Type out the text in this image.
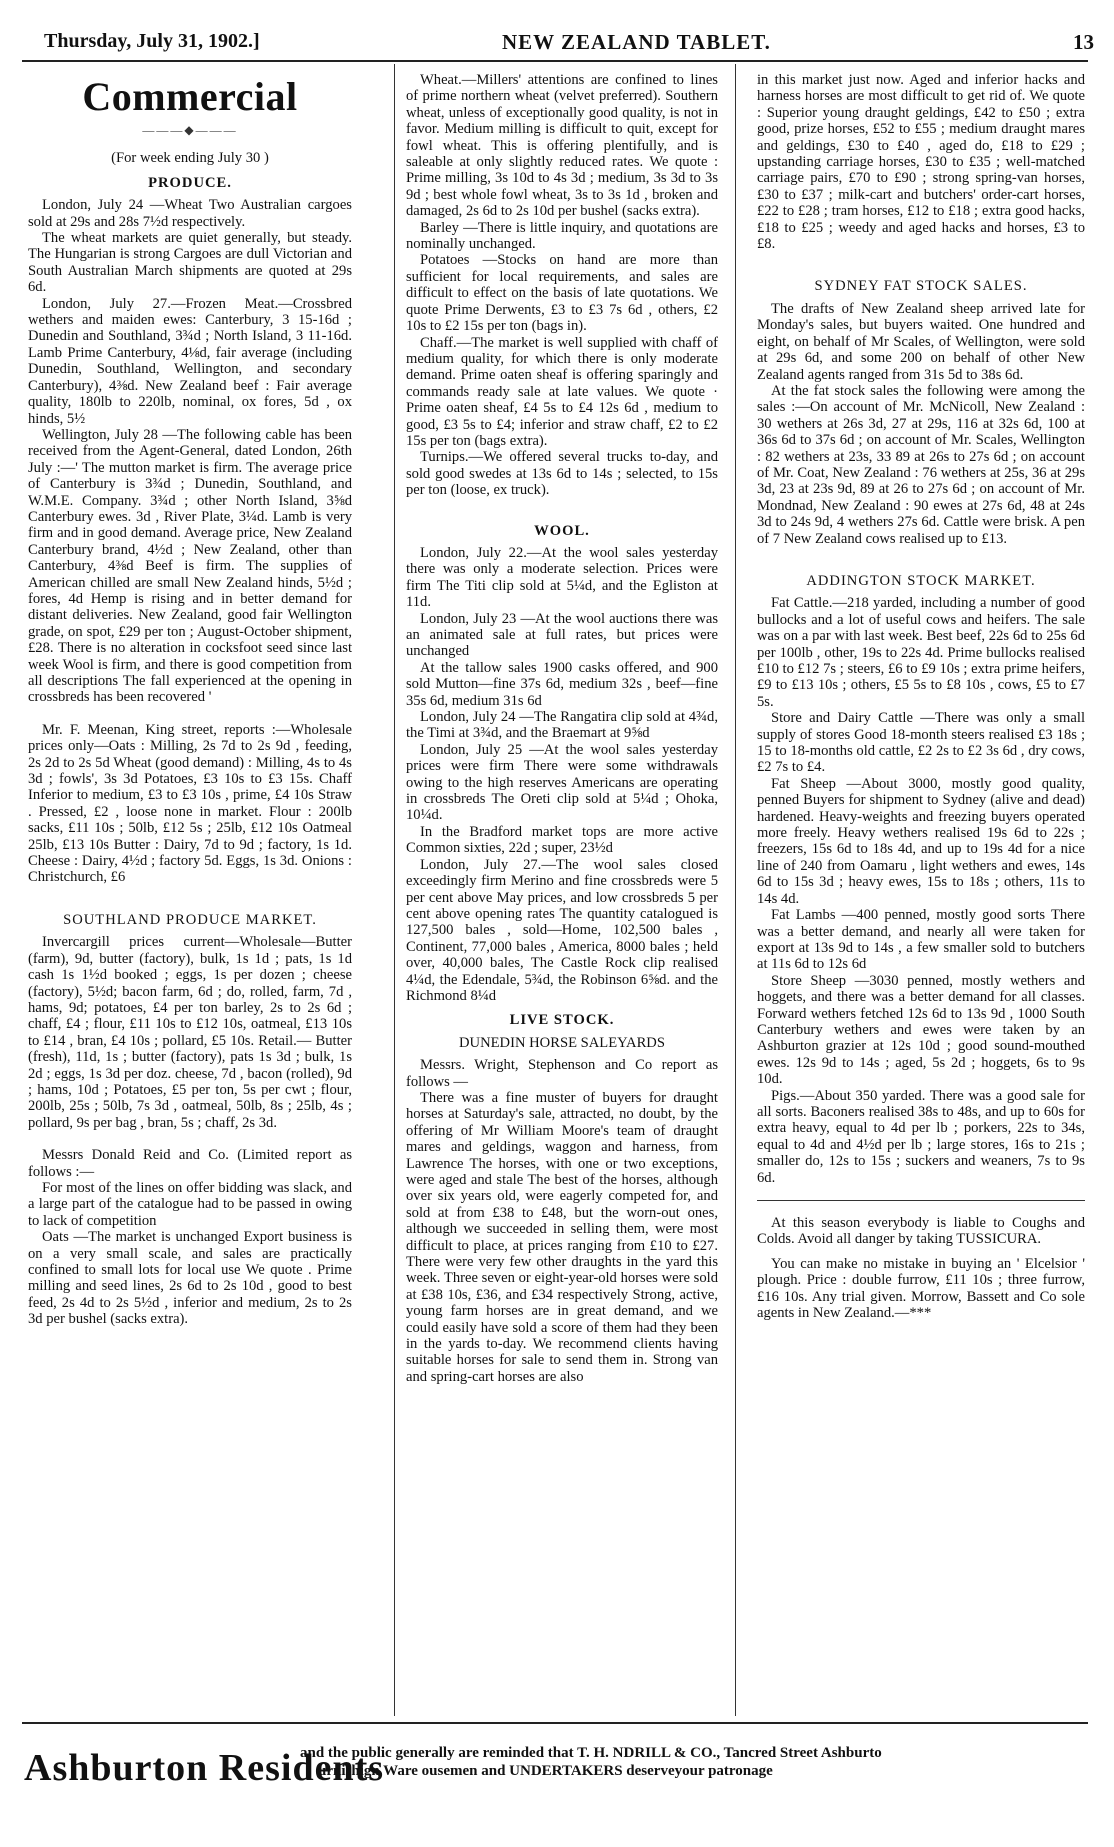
Thursday, July 31, 1902.]	NEW ZEALAND TABLET.	13
Commercial
———◆———
(For week ending July 30 )
PRODUCE.

London, July 24 —Wheat Two Australian cargoes sold at 29s and 28s 7½d respectively.

The wheat markets are quiet generally, but steady. The Hungarian is strong Cargoes are dull Victorian and South Australian March shipments are quoted at 29s 6d.

London, July 27.—Frozen Meat.—Crossbred wethers and maiden ewes: Canterbury, 3 15-16d ; Dunedin and Southland, 3¾d ; North Island, 3 11-16d. Lamb Prime Canterbury, 4⅛d, fair average (including Dunedin, Southland, Wellington, and secondary Canterbury), 4⅜d. New Zealand beef : Fair average quality, 180lb to 220lb, nominal, ox fores, 5d , ox hinds, 5½

Wellington, July 28 —The following cable has been received from the Agent-General, dated London, 26th July :—' The mutton market is firm. The average price of Canterbury is 3¾d ; Dunedin, Southland, and W.M.E. Company. 3¾d ; other North Island, 3⅝d Canterbury ewes. 3d , River Plate, 3¼d. Lamb is very firm and in good demand. Average price, New Zealand Canterbury brand, 4½d ; New Zealand, other than Canterbury, 4⅜d Beef is firm. The supplies of American chilled are small New Zealand hinds, 5½d ; fores, 4d Hemp is rising and in better demand for distant deliveries. New Zealand, good fair Wellington grade, on spot, £29 per ton ; August-October shipment, £28. There is no alteration in cocksfoot seed since last week Wool is firm, and there is good competition from all descriptions The fall experienced at the opening in crossbreds has been recovered '

Mr. F. Meenan, King street, reports :—Wholesale prices only—Oats : Milling, 2s 7d to 2s 9d , feeding, 2s 2d to 2s 5d Wheat (good demand) : Milling, 4s to 4s 3d ; fowls', 3s 3d Potatoes, £3 10s to £3 15s. Chaff Inferior to medium, £3 to £3 10s , prime, £4 10s Straw . Pressed, £2 , loose none in market. Flour : 200lb sacks, £11 10s ; 50lb, £12 5s ; 25lb, £12 10s Oatmeal 25lb, £13 10s Butter : Dairy, 7d to 9d ; factory, 1s 1d. Cheese : Dairy, 4½d ; factory 5d. Eggs, 1s 3d. Onions : Christchurch, £6

SOUTHLAND PRODUCE MARKET.

Invercargill prices current—Wholesale—Butter (farm), 9d, butter (factory), bulk, 1s 1d ; pats, 1s 1d cash 1s 1½d booked ; eggs, 1s per dozen ; cheese (factory), 5½d; bacon farm, 6d ; do, rolled, farm, 7d , hams, 9d; potatoes, £4 per ton barley, 2s to 2s 6d ; chaff, £4 ; flour, £11 10s to £12 10s, oatmeal, £13 10s to £14 , bran, £4 10s ; pollard, £5 10s. Retail.— Butter (fresh), 11d, 1s ; butter (factory), pats 1s 3d ; bulk, 1s 2d ; eggs, 1s 3d per doz. cheese, 7d , bacon (rolled), 9d ; hams, 10d ; Potatoes, £5 per ton, 5s per cwt ; flour, 200lb, 25s ; 50lb, 7s 3d , oatmeal, 50lb, 8s ; 25lb, 4s ; pollard, 9s per bag , bran, 5s ; chaff, 2s 3d.

Messrs Donald Reid and Co. (Limited report as follows :—

For most of the lines on offer bidding was slack, and a large part of the catalogue had to be passed in owing to lack of competition

Oats —The market is unchanged Export business is on a very small scale, and sales are practically confined to small lots for local use We quote . Prime milling and seed lines, 2s 6d to 2s 10d , good to best feed, 2s 4d to 2s 5½d , inferior and medium, 2s to 2s 3d per bushel (sacks extra).

Wheat.—Millers' attentions are confined to lines of prime northern wheat (velvet preferred). Southern wheat, unless of exceptionally good quality, is not in favor. Medium milling is difficult to quit, except for fowl wheat. This is offering plentifully, and is saleable at only slightly reduced rates. We quote : Prime milling, 3s 10d to 4s 3d ; medium, 3s 3d to 3s 9d ; best whole fowl wheat, 3s to 3s 1d , broken and damaged, 2s 6d to 2s 10d per bushel (sacks extra).

Barley —There is little inquiry, and quotations are nominally unchanged.

Potatoes —Stocks on hand are more than sufficient for local requirements, and sales are difficult to effect on the basis of late quotations. We quote Prime Derwents, £3 to £3 7s 6d , others, £2 10s to £2 15s per ton (bags in).

Chaff.—The market is well supplied with chaff of medium quality, for which there is only moderate demand. Prime oaten sheaf is offering sparingly and commands ready sale at late values. We quote · Prime oaten sheaf, £4 5s to £4 12s 6d , medium to good, £3 5s to £4; inferior and straw chaff, £2 to £2 15s per ton (bags extra).

Turnips.—We offered several trucks to-day, and sold good swedes at 13s 6d to 14s ; selected, to 15s per ton (loose, ex truck).

WOOL.

London, July 22.—At the wool sales yesterday there was only a moderate selection. Prices were firm The Titi clip sold at 5¼d, and the Egliston at 11d.

London, July 23 —At the wool auctions there was an animated sale at full rates, but prices were unchanged

At the tallow sales 1900 casks offered, and 900 sold Mutton—fine 37s 6d, medium 32s , beef—fine 35s 6d, medium 31s 6d

London, July 24 —The Rangatira clip sold at 4¾d, the Timi at 3¾d, and the Braemart at 9⅝d

London, July 25 —At the wool sales yesterday prices were firm There were some withdrawals owing to the high reserves Americans are operating in crossbreds The Oreti clip sold at 5¼d ; Ohoka, 10¼d.

In the Bradford market tops are more active Common sixties, 22d ; super, 23½d

London, July 27.—The wool sales closed exceedingly firm Merino and fine crossbreds were 5 per cent above May prices, and low crossbreds 5 per cent above opening rates The quantity catalogued is 127,500 bales , sold—Home, 102,500 bales , Continent, 77,000 bales , America, 8000 bales ; held over, 40,000 bales, The Castle Rock clip realised 4¼d, the Edendale, 5¾d, the Robinson 6⅝d. and the Richmond 8¼d

LIVE STOCK.
DUNEDIN HORSE SALEYARDS

Messrs. Wright, Stephenson and Co report as follows —

There was a fine muster of buyers for draught horses at Saturday's sale, attracted, no doubt, by the offering of Mr William Moore's team of draught mares and geldings, waggon and harness, from Lawrence The horses, with one or two exceptions, were aged and stale The best of the horses, although over six years old, were eagerly competed for, and sold at from £38 to £48, but the worn-out ones, although we succeeded in selling them, were most difficult to place, at prices ranging from £10 to £27. There were very few other draughts in the yard this week. Three seven or eight-year-old horses were sold at £38 10s, £36, and £34 respectively Strong, active, young farm horses are in great demand, and we could easily have sold a score of them had they been in the yards to-day. We recommend clients having suitable horses for sale to send them in. Strong van and spring-cart horses are also

in this market just now. Aged and inferior hacks and harness horses are most difficult to get rid of. We quote : Superior young draught geldings, £42 to £50 ; extra good, prize horses, £52 to £55 ; medium draught mares and geldings, £30 to £40 , aged do, £18 to £29 ; upstanding carriage horses, £30 to £35 ; well-matched carriage pairs, £70 to £90 ; strong spring-van horses, £30 to £37 ; milk-cart and butchers' order-cart horses, £22 to £28 ; tram horses, £12 to £18 ; extra good hacks, £18 to £25 ; weedy and aged hacks and horses, £3 to £8.

SYDNEY FAT STOCK SALES.

The drafts of New Zealand sheep arrived late for Monday's sales, but buyers waited. One hundred and eight, on behalf of Mr Scales, of Wellington, were sold at 29s 6d, and some 200 on behalf of other New Zealand agents ranged from 31s 5d to 38s 6d.

At the fat stock sales the following were among the sales :—On account of Mr. McNicoll, New Zealand : 30 wethers at 26s 3d, 27 at 29s, 116 at 32s 6d, 100 at 36s 6d to 37s 6d ; on account of Mr. Scales, Wellington : 82 wethers at 23s, 33 89 at 26s to 27s 6d ; on account of Mr. Coat, New Zealand : 76 wethers at 25s, 36 at 29s 3d, 23 at 23s 9d, 89 at 26 to 27s 6d ; on account of Mr. Mondnad, New Zealand : 90 ewes at 27s 6d, 48 at 24s 3d to 24s 9d, 4 wethers 27s 6d. Cattle were brisk. A pen of 7 New Zealand cows realised up to £13.

ADDINGTON STOCK MARKET.

Fat Cattle.—218 yarded, including a number of good bullocks and a lot of useful cows and heifers. The sale was on a par with last week. Best beef, 22s 6d to 25s 6d per 100lb , other, 19s to 22s 4d. Prime bullocks realised £10 to £12 7s ; steers, £6 to £9 10s ; extra prime heifers, £9 to £13 10s ; others, £5 5s to £8 10s , cows, £5 to £7 5s.

Store and Dairy Cattle —There was only a small supply of stores Good 18-month steers realised £3 18s ; 15 to 18-months old cattle, £2 2s to £2 3s 6d , dry cows, £2 7s to £4.

Fat Sheep —About 3000, mostly good quality, penned Buyers for shipment to Sydney (alive and dead) hardened. Heavy-weights and freezing buyers operated more freely. Heavy wethers realised 19s 6d to 22s ; freezers, 15s 6d to 18s 4d, and up to 19s 4d for a nice line of 240 from Oamaru , light wethers and ewes, 14s 6d to 15s 3d ; heavy ewes, 15s to 18s ; others, 11s to 14s 4d.

Fat Lambs —400 penned, mostly good sorts There was a better demand, and nearly all were taken for export at 13s 9d to 14s , a few smaller sold to butchers at 11s 6d to 12s 6d

Store Sheep —3030 penned, mostly wethers and hoggets, and there was a better demand for all classes. Forward wethers fetched 12s 6d to 13s 9d , 1000 South Canterbury wethers and ewes were taken by an Ashburton grazier at 12s 10d ; good sound-mouthed ewes. 12s 9d to 14s ; aged, 5s 2d ; hoggets, 6s to 9s 10d.

Pigs.—About 350 yarded. There was a good sale for all sorts. Baconers realised 38s to 48s, and up to 60s for extra heavy, equal to 4d per lb ; porkers, 22s to 34s, equal to 4d and 4½d per lb ; large stores, 16s to 21s ; smaller do, 12s to 15s ; suckers and weaners, 7s to 9s 6d.

At this season everybody is liable to Coughs and Colds. Avoid all danger by taking TUSSICURA.

You can make no mistake in buying an ' Elcelsior ' plough. Price : double furrow, £11 10s ; three furrow, £16 10s. Any trial given. Morrow, Bassett and Co sole agents in New Zealand.—***

Ashburton Residents
and the public generally are reminded that T. H. NDRILL & CO., Tancred Street Ashburto
urnishign Ware ousemen and UNDERTAKERS deserveyour patronage
